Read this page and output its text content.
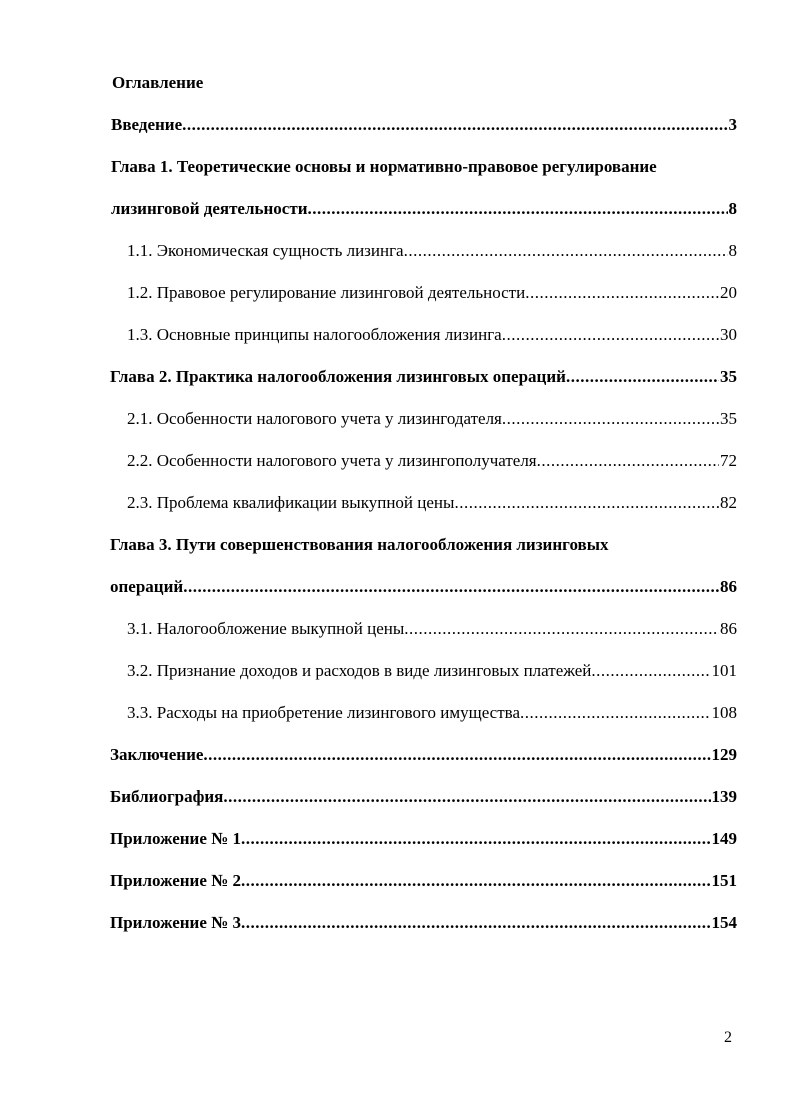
Оглавление
Введение .....	3
Глава 1. Теоретические основы и нормативно-правовое регулирование
лизинговой деятельности .....	8
1.1. Экономическая сущность лизинга .....	8
1.2. Правовое регулирование лизинговой деятельности .....	20
1.3. Основные принципы налогообложения лизинга .....	30
Глава 2. Практика налогообложения лизинговых операций .....	35
2.1. Особенности налогового учета у лизингодателя .....	35
2.2. Особенности налогового учета у лизингополучателя .....	72
2.3. Проблема квалификации выкупной цены .....	82
Глава 3. Пути совершенствования налогообложения лизинговых
операций .....	86
3.1. Налогообложение выкупной цены .....	86
3.2. Признание доходов и расходов в виде лизинговых платежей .....	101
3.3. Расходы на приобретение лизингового имущества .....	108
Заключение .....	129
Библиография .....	139
Приложение № 1 .....	149
Приложение № 2 .....	151
Приложение № 3 .....	154
2
